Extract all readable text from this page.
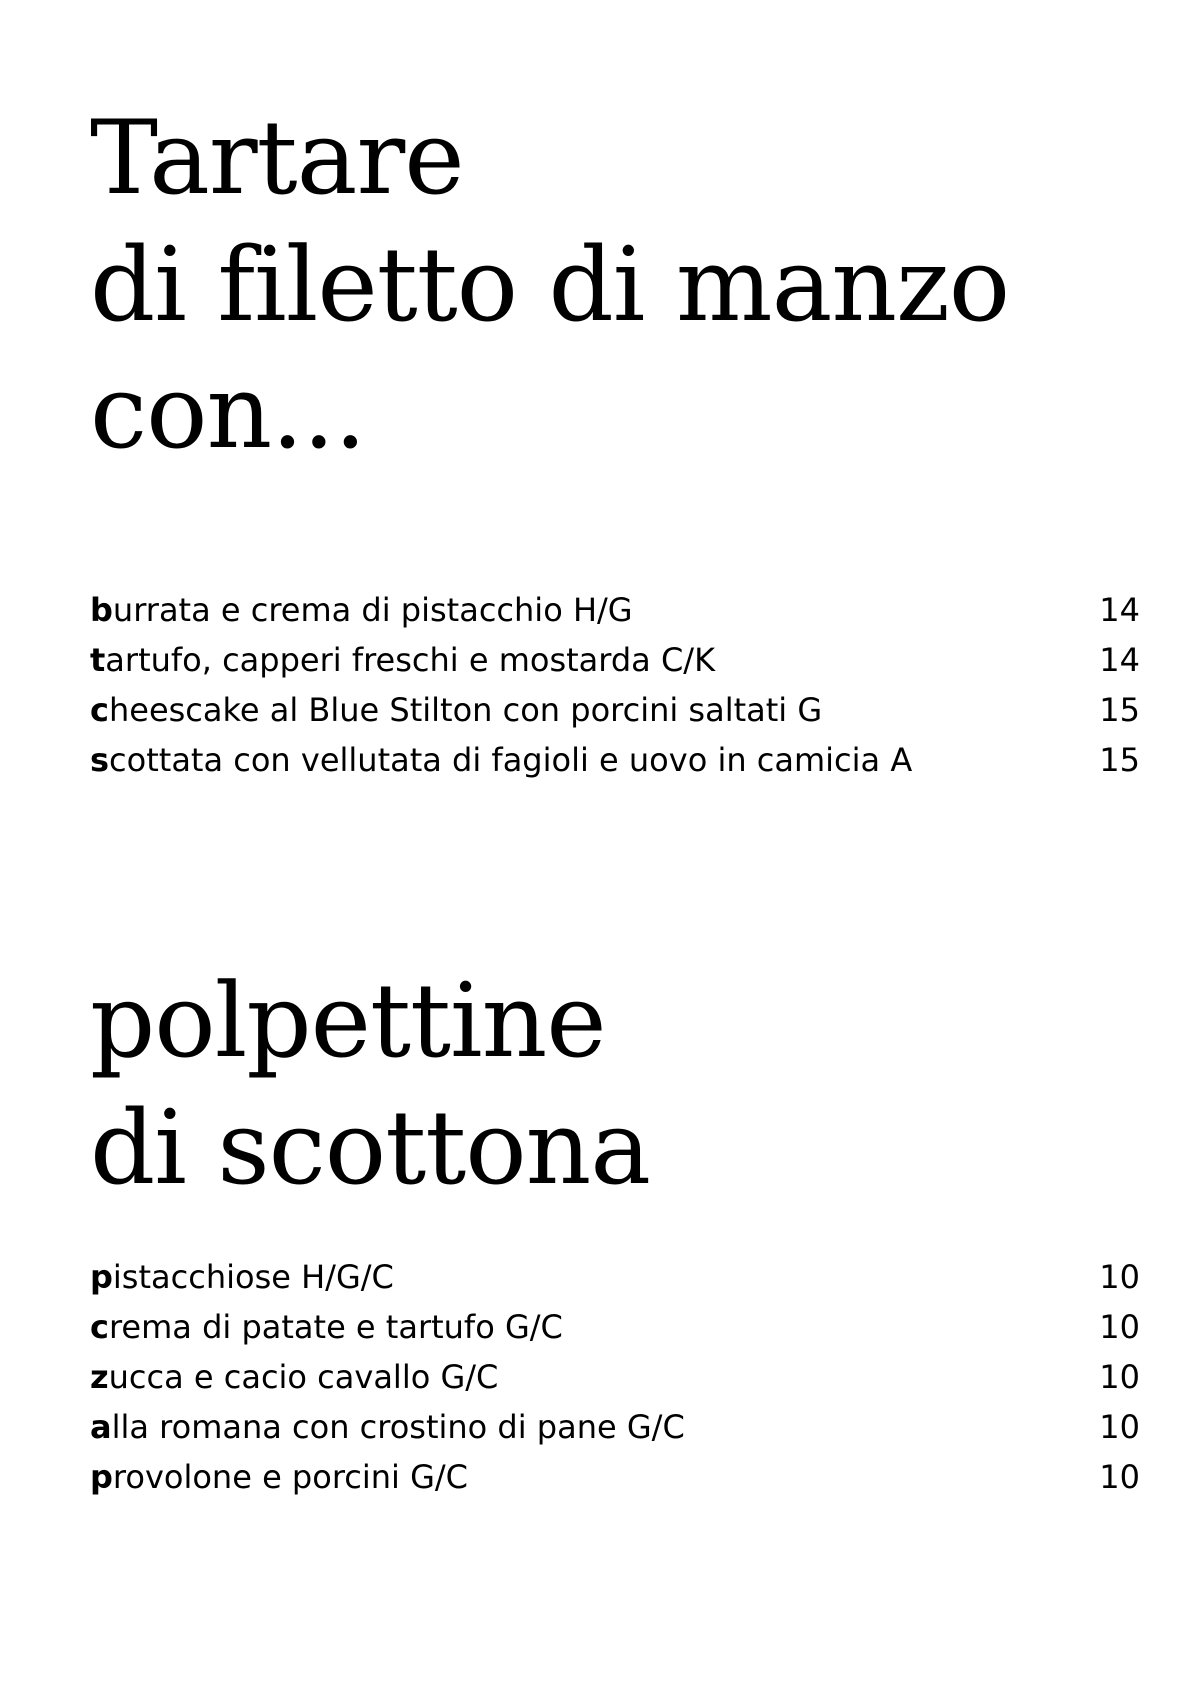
Tartare
di filetto di manzo
con...
burrata e crema di pistacchio H/G	14
tartufo, capperi freschi e mostarda C/K	14
cheescake al Blue Stilton con porcini saltati G	15
scottata con vellutata di fagioli e uovo in camicia A	15
polpettine
di scottona
pistacchiose H/G/C	10
crema di patate e tartufo G/C	10
zucca e cacio cavallo G/C	10
alla romana con crostino di pane G/C	10
provolone e porcini G/C	10
